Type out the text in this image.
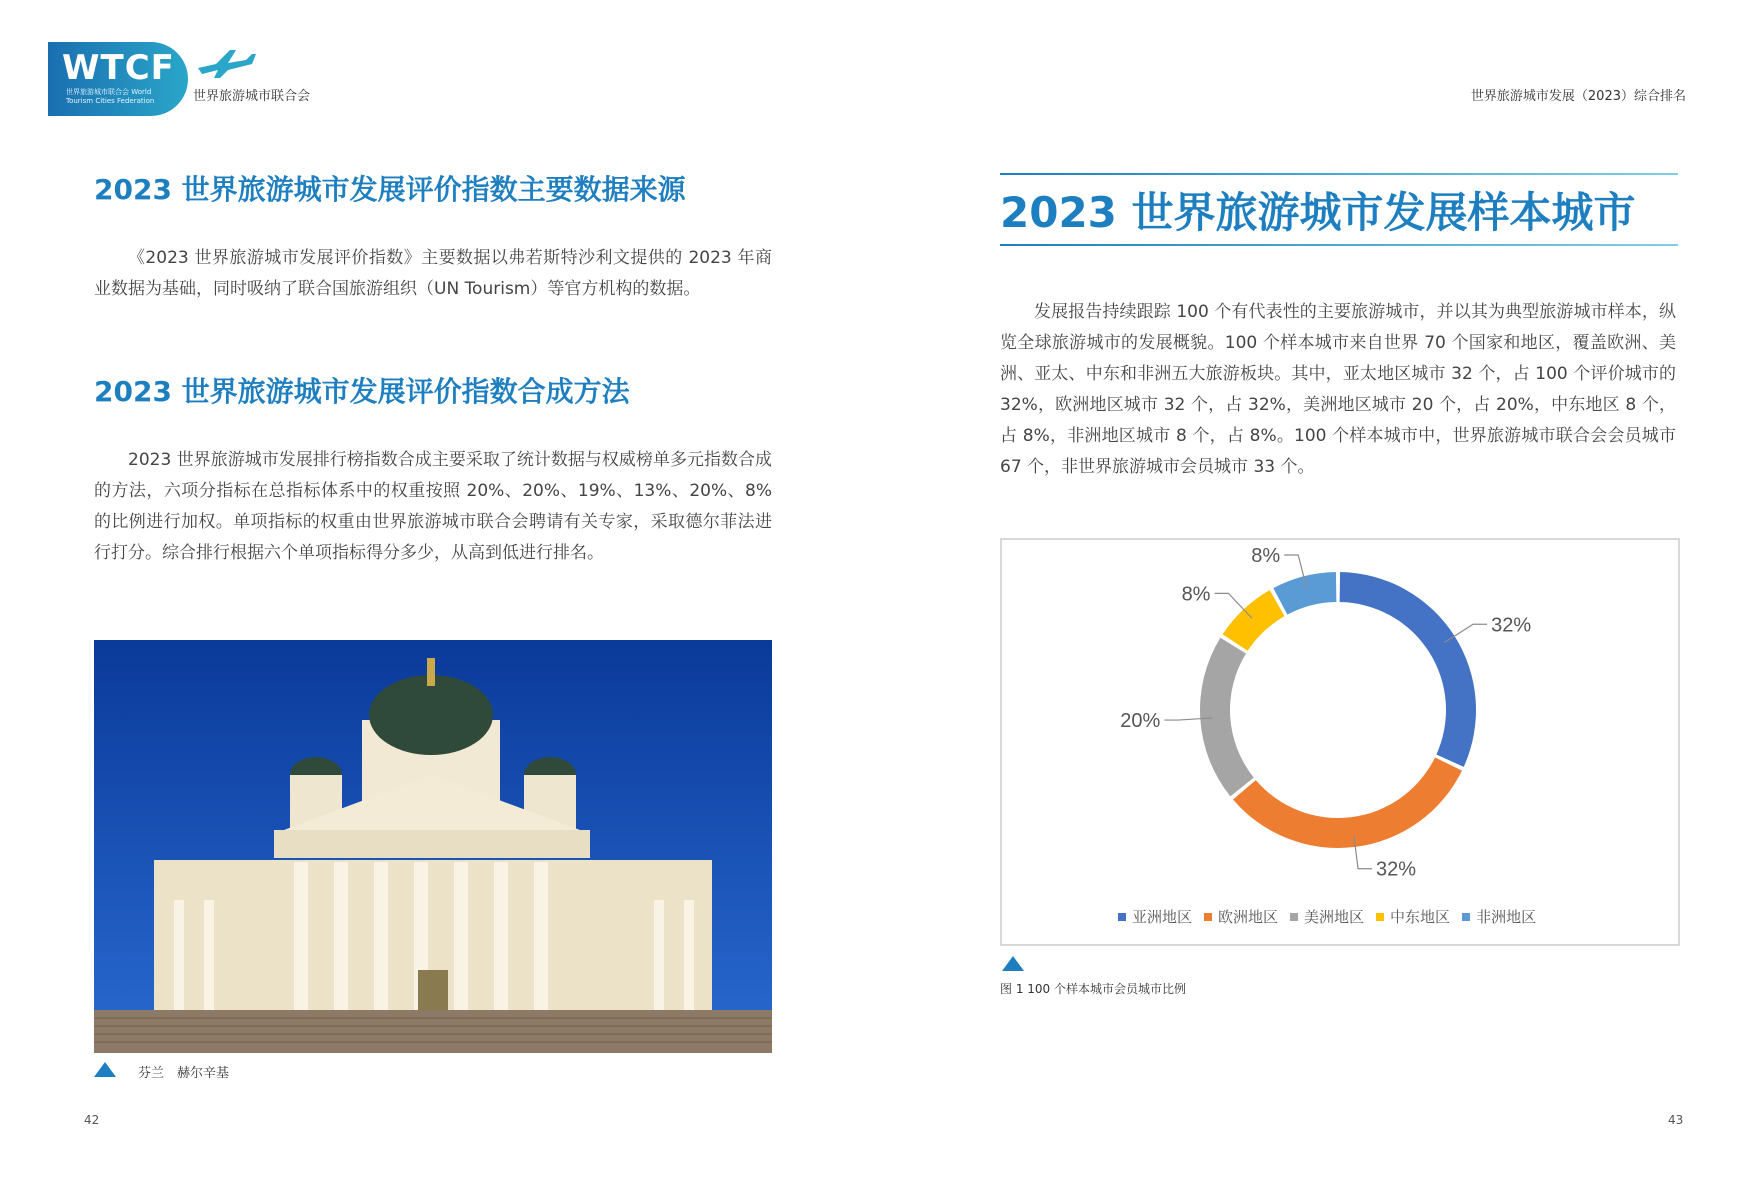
WTCF
世界旅游城市联合会 World Tourism Cities Federation	世界旅游城市联合会	世界旅游城市发展（2023）综合排名
2023 世界旅游城市发展评价指数主要数据来源
《2023 世界旅游城市发展评价指数》主要数据以弗若斯特沙利文提供的 2023 年商业数据为基础，同时吸纳了联合国旅游组织（UN Tourism）等官方机构的数据。
2023 世界旅游城市发展评价指数合成方法
2023 世界旅游城市发展排行榜指数合成主要采取了统计数据与权威榜单多元指数合成的方法，六项分指标在总指标体系中的权重按照 20%、20%、19%、13%、20%、8% 的比例进行加权。单项指标的权重由世界旅游城市联合会聘请有关专家，采取德尔菲法进行打分。综合排行根据六个单项指标得分多少，从高到低进行排名。
芬兰　赫尔辛基
42
2023 世界旅游城市发展样本城市
发展报告持续跟踪 100 个有代表性的主要旅游城市，并以其为典型旅游城市样本，纵览全球旅游城市的发展概貌。100 个样本城市来自世界 70 个国家和地区，覆盖欧洲、美洲、亚太、中东和非洲五大旅游板块。其中，亚太地区城市 32 个，占 100 个评价城市的 32%，欧洲地区城市 32 个，占 32%，美洲地区城市 20 个，占 20%，中东地区 8 个，占 8%，非洲地区城市 8 个，占 8%。100 个样本城市中，世界旅游城市联合会会员城市 67 个，非世界旅游城市会员城市 33 个。
32%
32%
20%
8%
8%
亚洲地区 欧洲地区 美洲地区 中东地区 非洲地区
图 1 100 个样本城市会员城市比例
43
